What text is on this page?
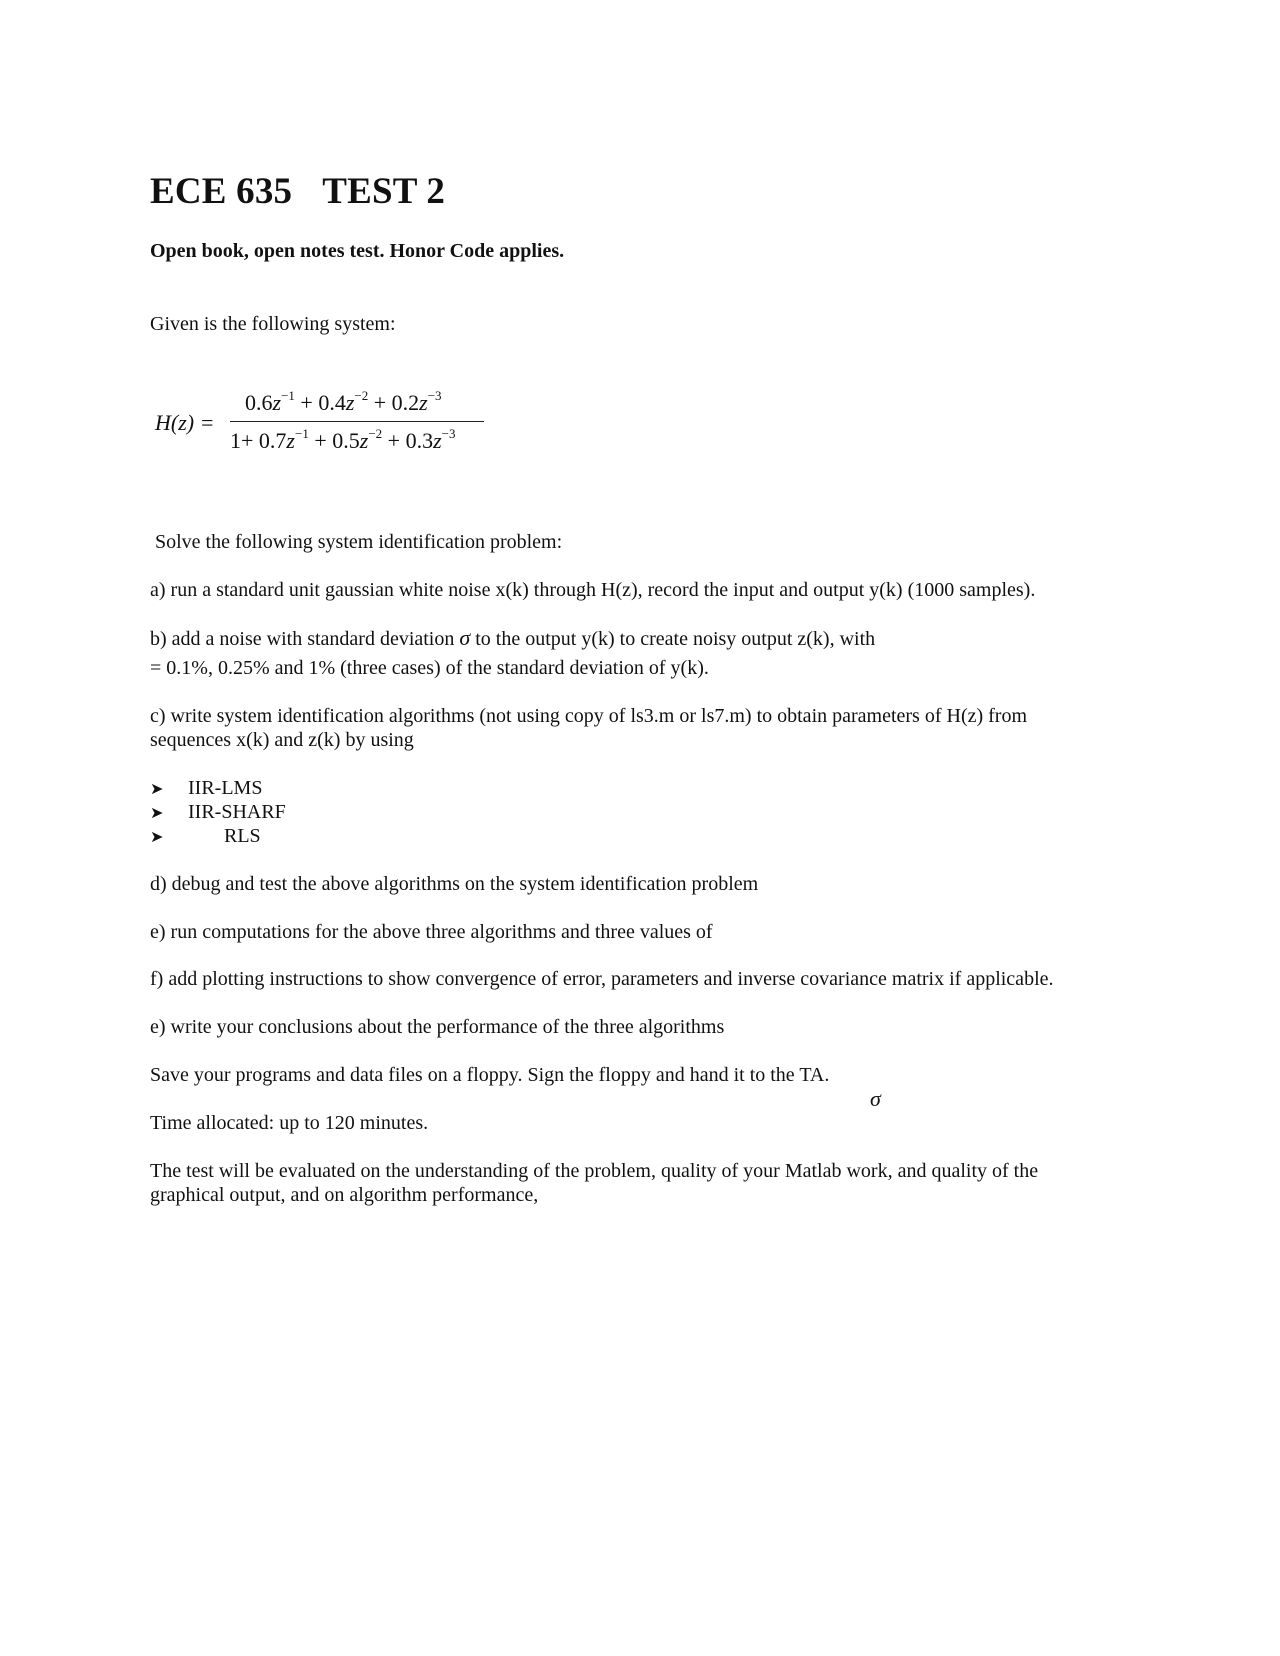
ECE 635 TEST 2
Open book, open notes test. Honor Code applies.
Given is the following system:
H(z) =
$0.6z^{-1} + 0.4z^{-2} + 0.2z^{-3}$
$1+ 0.7z^{-1} + 0.5z^{-2} + 0.3z^{-3}$
Solve the following system identification problem:
a) run a standard unit gaussian white noise x(k) through H(z), record the input and output y(k) (1000 samples).
b) add a noise with standard deviation σ to the output y(k) to create noisy output z(k), with
= 0.1%, 0.25% and 1% (three cases) of the standard deviation of y(k).
c) write system identification algorithms (not using copy of ls3.m or ls7.m) to obtain parameters of H(z) from
sequences x(k) and z(k) by using
➤ IIR-LMS
➤ IIR-SHARF
➤	RLS
d) debug and test the above algorithms on the system identification problem
e) run computations for the above three algorithms and three values of
f) add plotting instructions to show convergence of error, parameters and inverse covariance matrix if applicable.
e) write your conclusions about the performance of the three algorithms
Save your programs and data files on a floppy. Sign the floppy and hand it to the TA.
σ
Time allocated: up to 120 minutes.
The test will be evaluated on the understanding of the problem, quality of your Matlab work, and quality of the
graphical output, and on algorithm performance,
